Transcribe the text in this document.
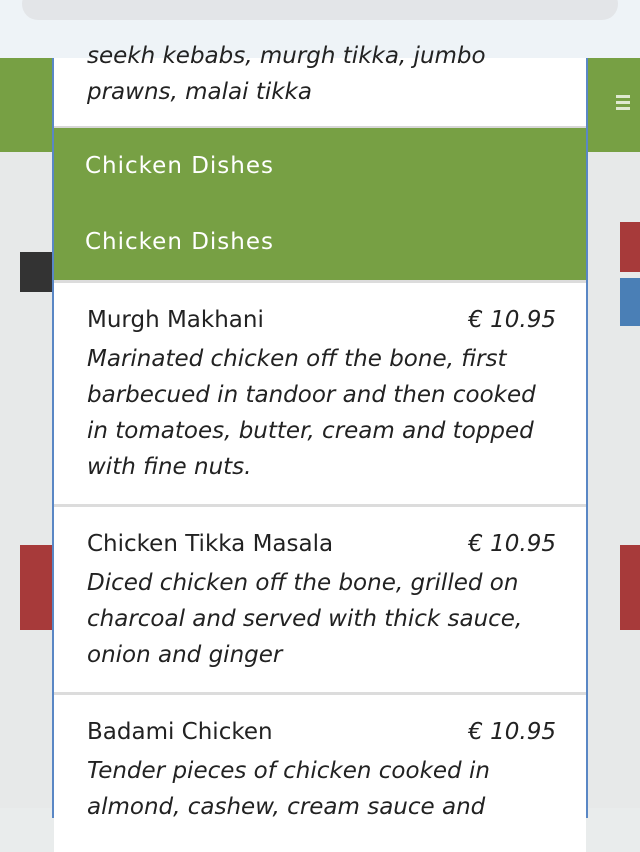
seekh kebabs, murgh tikka, jumbo prawns, malai tikka
Chicken Dishes
Chicken Dishes
Murgh Makhani	€ 10.95
Marinated chicken off the bone, first barbecued in tandoor and then cooked in tomatoes, butter, cream and topped with fine nuts.
Chicken Tikka Masala	€ 10.95
Diced chicken off the bone, grilled on charcoal and served with thick sauce, onion and ginger
Badami Chicken	€ 10.95
Tender pieces of chicken cooked in almond, cashew, cream sauce and
